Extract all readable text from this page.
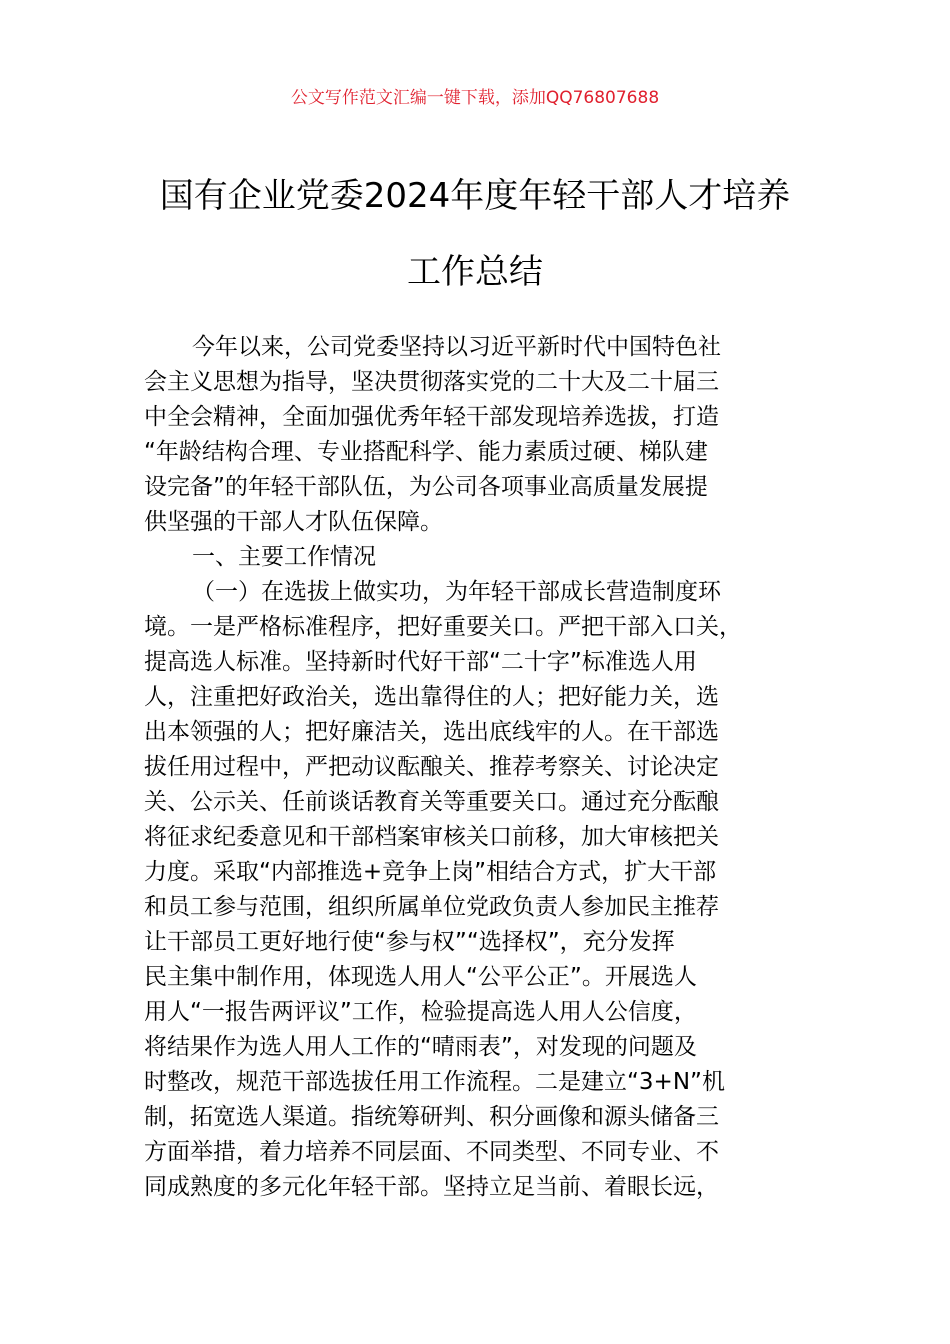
公文写作范文汇编一键下载，添加QQ76807688
国有企业党委2024年度年轻干部人才培养
工作总结
今年以来，公司党委坚持以习近平新时代中国特色社
会主义思想为指导，坚决贯彻落实党的二十大及二十届三
中全会精神，全面加强优秀年轻干部发现培养选拔，打造
“年龄结构合理、专业搭配科学、能力素质过硬、梯队建
设完备”的年轻干部队伍，为公司各项事业高质量发展提
供坚强的干部人才队伍保障。
一、主要工作情况
（一）在选拔上做实功，为年轻干部成长营造制度环
境。一是严格标准程序，把好重要关口。严把干部入口关，
提高选人标准。坚持新时代好干部“二十字”标准选人用
人，注重把好政治关，选出靠得住的人；把好能力关，选
出本领强的人；把好廉洁关，选出底线牢的人。在干部选
拔任用过程中，严把动议酝酿关、推荐考察关、讨论决定
关、公示关、任前谈话教育关等重要关口。通过充分酝酿
将征求纪委意见和干部档案审核关口前移，加大审核把关
力度。采取“内部推选+竞争上岗”相结合方式，扩大干部
和员工参与范围，组织所属单位党政负责人参加民主推荐
让干部员工更好地行使“参与权”“选择权”，充分发挥
民主集中制作用，体现选人用人“公平公正”。开展选人
用人“一报告两评议”工作，检验提高选人用人公信度，
将结果作为选人用人工作的“晴雨表”，对发现的问题及
时整改，规范干部选拔任用工作流程。二是建立“3+N”机
制，拓宽选人渠道。指统筹研判、积分画像和源头储备三
方面举措，着力培养不同层面、不同类型、不同专业、不
同成熟度的多元化年轻干部。坚持立足当前、着眼长远，
